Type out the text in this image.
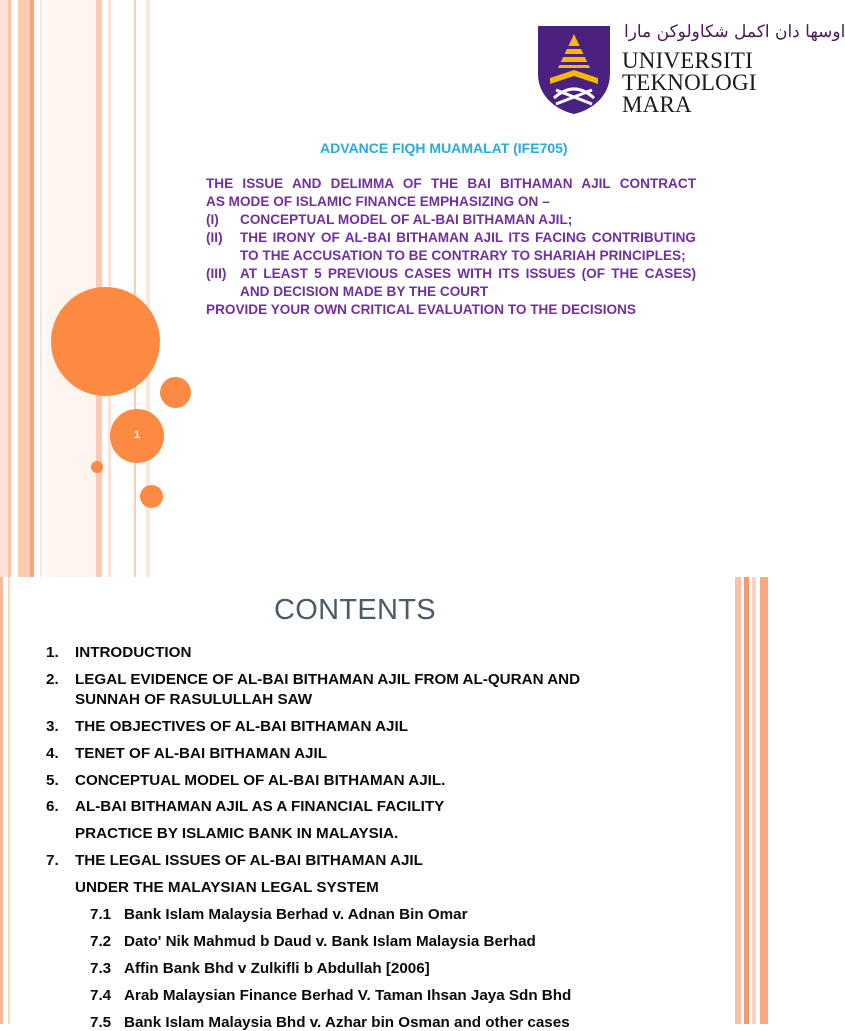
1
اوسها دان اكمل شكاولوكن مارا
UNIVERSITI
TEKNOLOGI
MARA
ADVANCE FIQH MUAMALAT (IFE705)

THE ISSUE AND DELIMMA OF THE BAI BITHAMAN AJIL CONTRACT

AS MODE OF ISLAMIC FINANCE EMPHASIZING ON –

(I)	CONCEPTUAL MODEL OF AL-BAI BITHAMAN AJIL;
(II)	THE IRONY OF AL-BAI BITHAMAN AJIL ITS FACING CONTRIBUTING TO THE ACCUSATION TO BE CONTRARY TO SHARIAH PRINCIPLES;
(III)	AT LEAST 5 PREVIOUS CASES WITH ITS ISSUES (OF THE CASES) AND DECISION MADE BY THE COURT

PROVIDE YOUR OWN CRITICAL EVALUATION TO THE DECISIONS

CONTENTS
1. INTRODUCTION
2. LEGAL EVIDENCE OF AL-BAI BITHAMAN AJIL FROM AL-QURAN AND
SUNNAH OF RASULULLAH SAW
3. THE OBJECTIVES OF AL-BAI BITHAMAN AJIL
4. TENET OF AL-BAI BITHAMAN AJIL
5. CONCEPTUAL MODEL OF AL-BAI BITHAMAN AJIL.
6. AL-BAI BITHAMAN AJIL AS A FINANCIAL FACILITY
PRACTICE BY ISLAMIC BANK IN MALAYSIA.
7. THE LEGAL ISSUES OF AL-BAI BITHAMAN AJIL
UNDER THE MALAYSIAN LEGAL SYSTEM
7.1 Bank Islam Malaysia Berhad v. Adnan Bin Omar
7.2 Dato' Nik Mahmud b Daud v. Bank Islam Malaysia Berhad
7.3 Affin Bank Bhd v Zulkifli b Abdullah [2006]
7.4 Arab Malaysian Finance Berhad V. Taman Ihsan Jaya Sdn Bhd
7.5 Bank Islam Malaysia Bhd v. Azhar bin Osman and other cases
